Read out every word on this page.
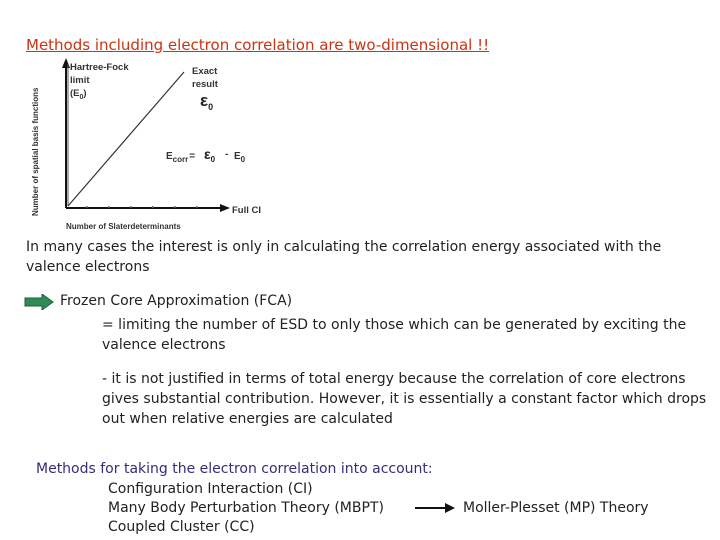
Methods including electron correlation are two-dimensional !!
Number of spatial basis functions
Hartree-Fock
limit
$(E_0)$
Exact
result
$\varepsilon_0$
$E_{corr}= \varepsilon_0 - E_0$
Full CI
Number of Slaterdeterminants
In many cases the interest is only in calculating the correlation energy associated with the valence electrons
Frozen Core Approximation (FCA)
= limiting the number of ESD to only those which can be generated by exciting the valence electrons
- it is not justified in terms of total energy because the correlation of core electrons gives substantial contribution. However, it is essentially a constant factor which drops out when relative energies are calculated
Methods for taking the electron correlation into account:
Configuration Interaction (CI)
Many Body Perturbation Theory (MBPT)
Coupled Cluster (CC)
Moller-Plesset (MP) Theory
